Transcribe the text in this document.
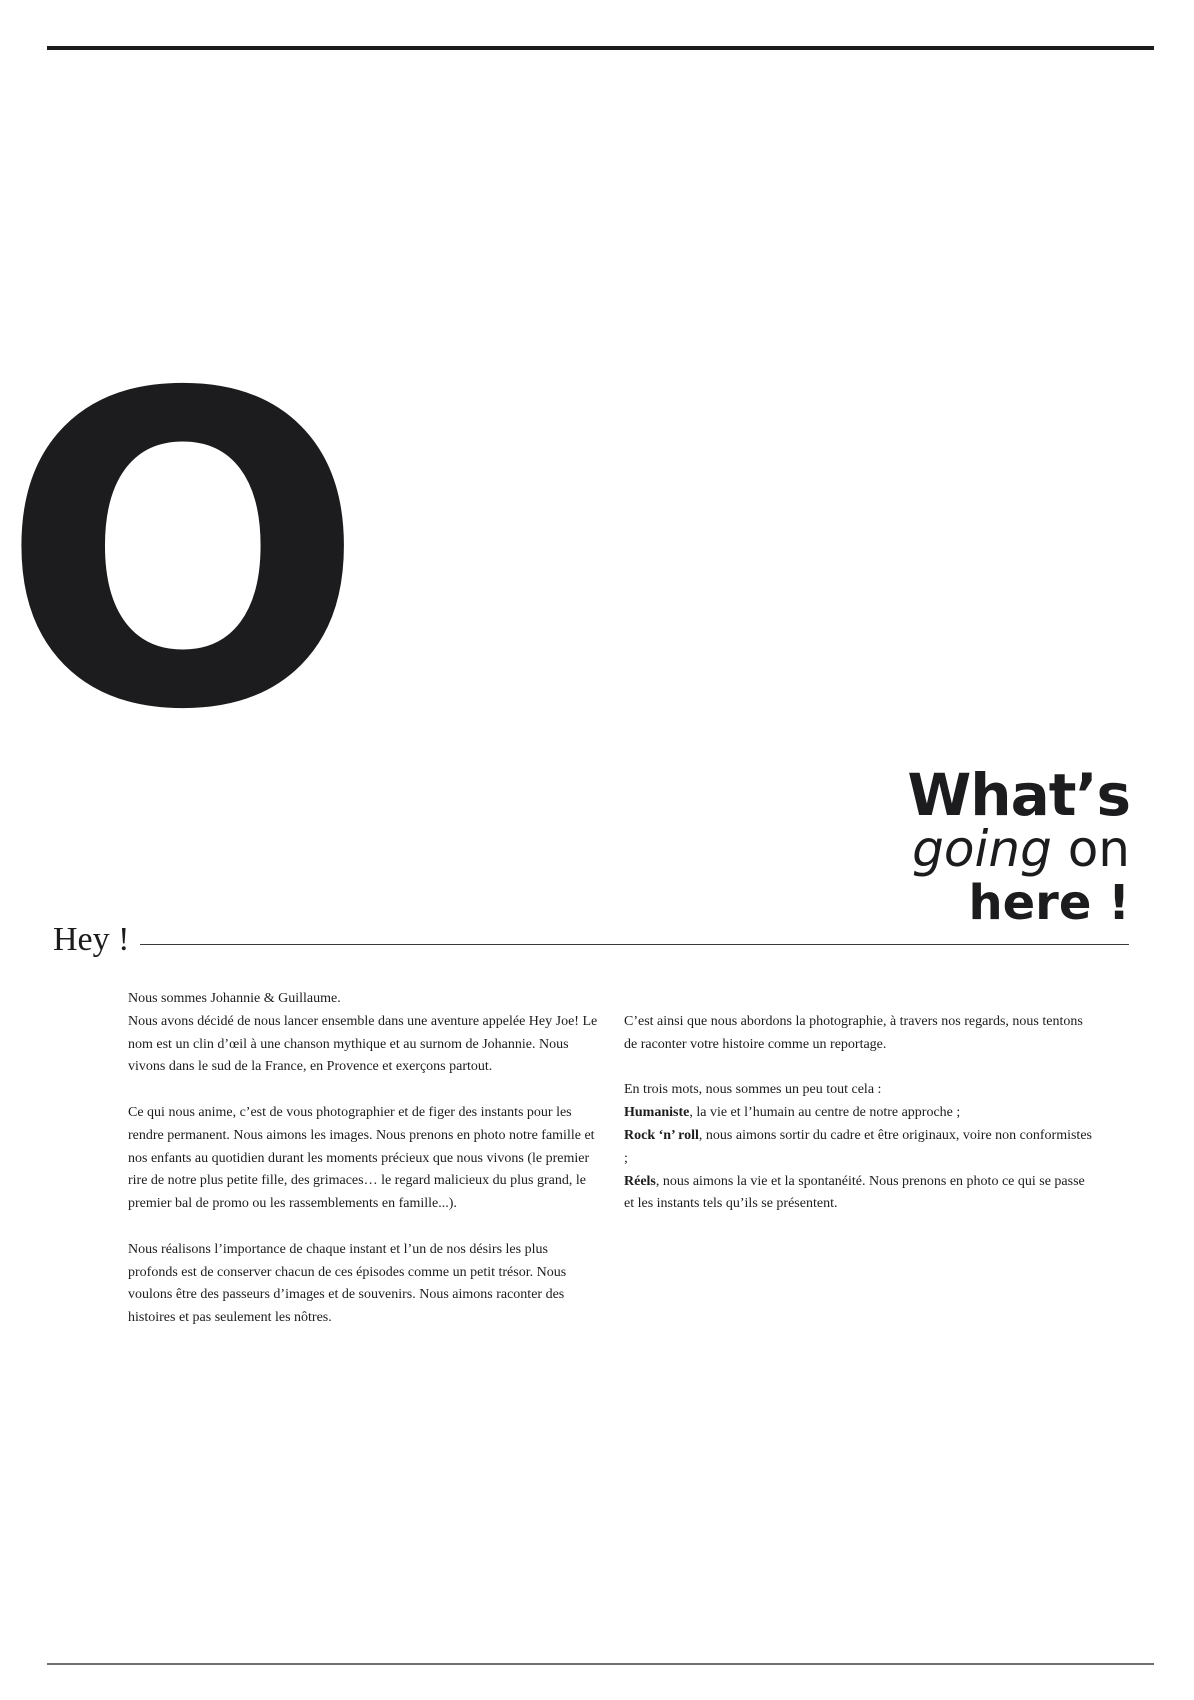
O	What’s
going on
here !
Hey !

Nous sommes Johannie & Guillaume.
Nous avons décidé de nous lancer ensemble dans une aventure appelée Hey Joe! Le nom est un clin d’œil à une chanson mythique et au surnom de Johannie. Nous vivons dans le sud de la France, en Provence et exerçons partout.

Ce qui nous anime, c’est de vous photographier et de figer des instants pour les rendre permanent. Nous aimons les images. Nous prenons en photo notre famille et nos enfants au quotidien durant les moments précieux que nous vivons (le premier rire de notre plus petite fille, des grimaces… le regard malicieux du plus grand, le premier bal de promo ou les rassemblements en famille...).

Nous réalisons l’importance de chaque instant et l’un de nos désirs les plus profonds est de conserver chacun de ces épisodes comme un petit trésor. Nous voulons être des passeurs d’images et de souvenirs. Nous aimons raconter des histoires et pas seulement les nôtres.

C’est ainsi que nous abordons la photographie, à travers nos regards, nous tentons de raconter votre histoire comme un reportage.

En trois mots, nous sommes un peu tout cela :
Humaniste, la vie et l’humain au centre de notre approche ;
Rock ‘n’ roll, nous aimons sortir du cadre et être originaux, voire non conformistes ;
Réels, nous aimons la vie et la spontanéité. Nous prenons en photo ce qui se passe et les instants tels qu’ils se présentent.
